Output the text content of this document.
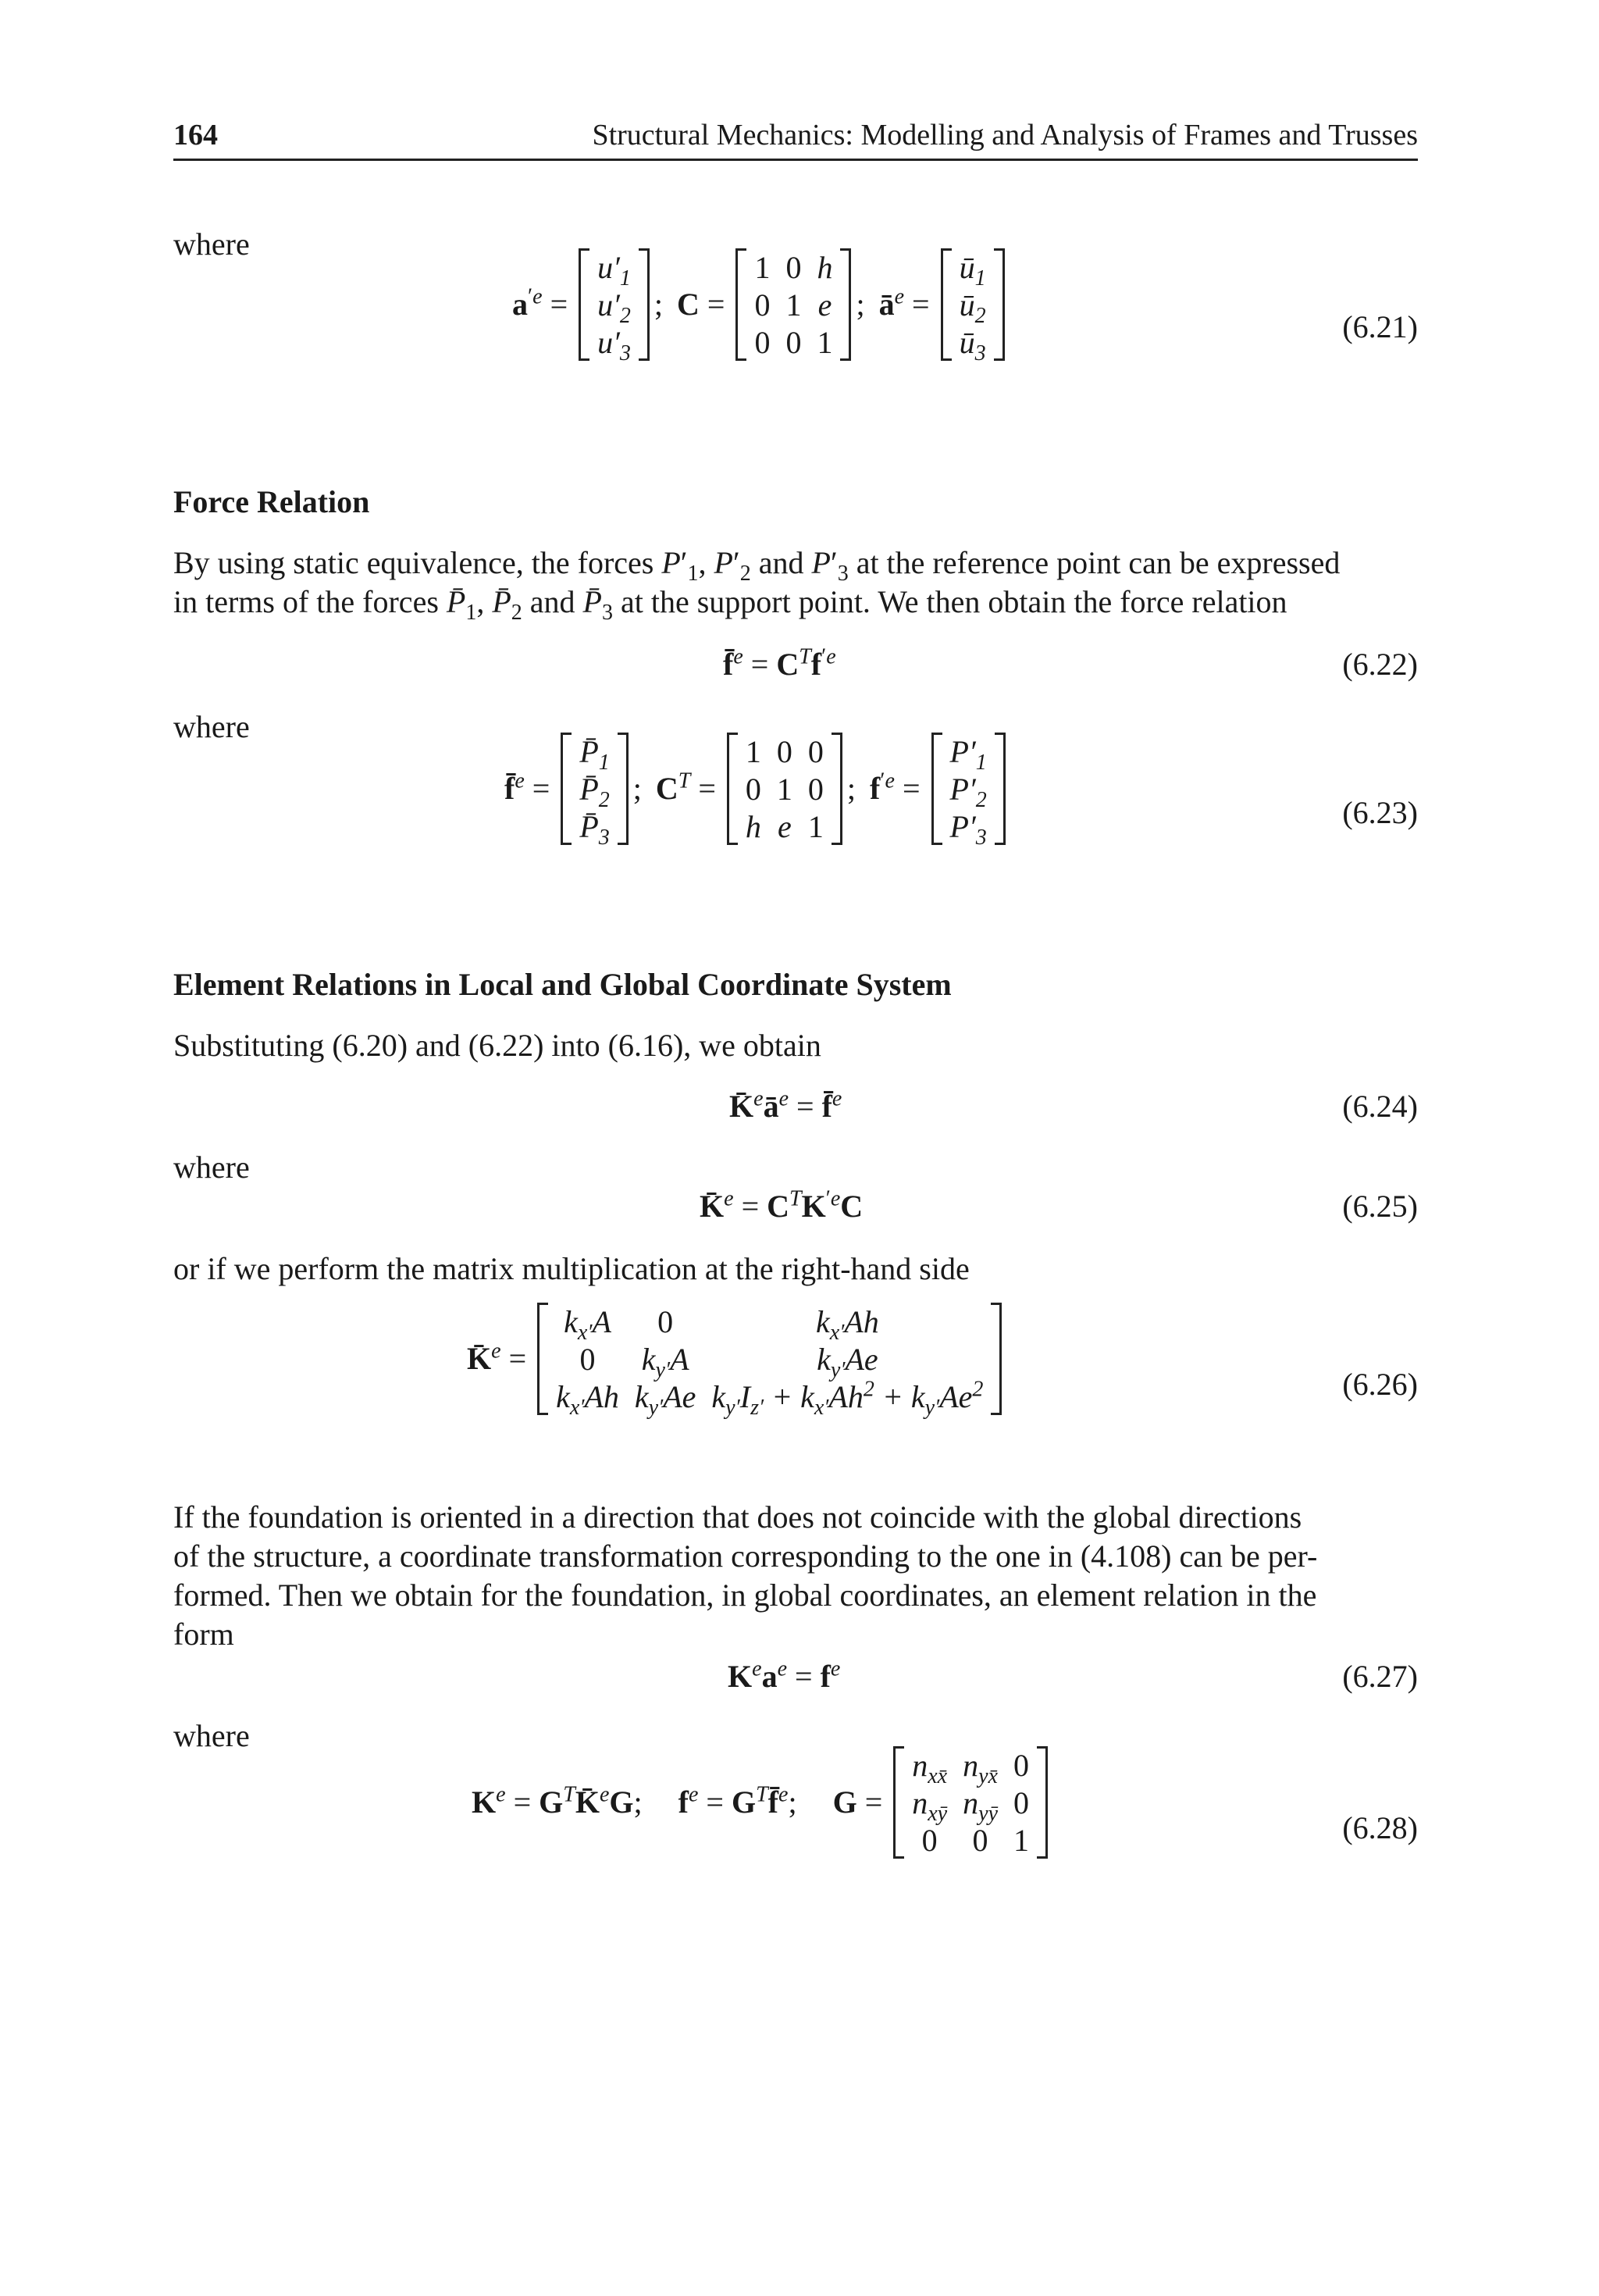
164	Structural Mechanics: Modelling and Analysis of Frames and Trusses
where
$a^{'e}$ =
$u'_1$
$u'_2$
$u'_3$
; C =
1	0	h
0	1	e
0	0	1
; $ā^e$ =
$ū_1$
$ū_2$
$ū_3$
(6.21)
Force Relation
By using static equivalence, the forces $P'_1$, $P'_2$ and $P'_3$ at the reference point can be expressed
in terms of the forces $P̄_1$, $P̄_2$ and $P̄_3$ at the support point. We then obtain the force relation
f̄$^e$ = $C^Tf^{'e}$	(6.22)
where
f̄$^e$ =
$P̄_1$
$P̄_2$
$P̄_3$
; $C^T$ =
1	0	0
0	1	0
h	e	1
; $f^{'e}$ =
$P'_1$
$P'_2$
$P'_3$
(6.23)
Element Relations in Local and Global Coordinate System
Substituting (6.20) and (6.22) into (6.16), we obtain
$K̄^eā^e$ = f̄$^e$	(6.24)
where
K̄$^e$ = $C^TK^{'e}C$	(6.25)
or if we perform the matrix multiplication at the right-hand side
K̄$^e$ =
$k_{x'}A$	0	$k_{x'}Ah$
0	$k_{y'}A$	$k_{y'}Ae$
$k_{x'}Ah$	$k_{y'}Ae$	$k_{y'}I_{z'} + k_{x'}Ah^2 + k_{y'}Ae^2$	(6.26)
If the foundation is oriented in a direction that does not coincide with the global directions
of the structure, a coordinate transformation corresponding to the one in (4.108) can be per-
formed. Then we obtain for the foundation, in global coordinates, an element relation in the
form
$K^ea^e = f^e$	(6.27)
where
$K^e$ = $G^TK̄^eG$;	$f^e$ = $G^Tf̄^e$;	G =
$n_{xx̄}$	$n_{yx̄}$	0
$n_{xȳ}$	$n_{yȳ}$	0
0	0	1	(6.28)
